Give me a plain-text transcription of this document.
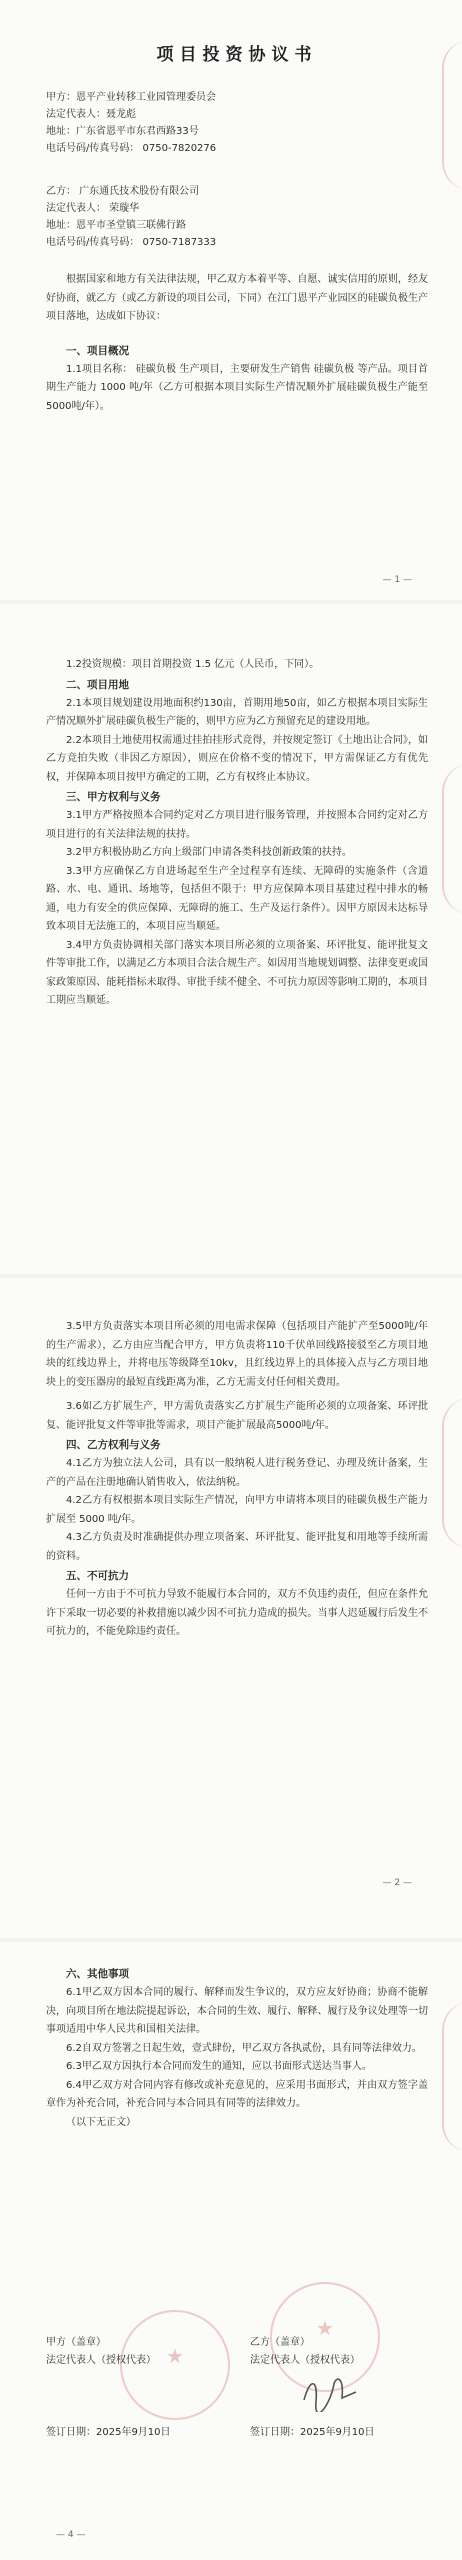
项目投资协议书
甲方：恩平产业转移工业园管理委员会
法定代表人：聂龙彪
地址：广东省恩平市东君西路33号
电话号码/传真号码： 0750-7820276
乙方： 广东通氏技术股份有限公司
法定代表人： 荣璇华
地址：恩平市圣堂镇三联佛行路
电话号码/传真号码： 0750-7187333

根据国家和地方有关法律法规，甲乙双方本着平等、自愿、诚实信用的原则，经友好协商，就乙方（或乙方新设的项目公司，下同）在江门恩平产业园区的硅碳负极生产项目落地，达成如下协议：

一、项目概况

1.1项目名称： 硅碳负极 生产项目，主要研发生产销售 硅碳负极 等产品。项目首期生产能力 1000 吨/年（乙方可根据本项目实际生产情况顺外扩展硅碳负极生产能至5000吨/年）。

— 1 —

1.2投资规模：项目首期投资 1.5 亿元（人民币，下同）。

二、项目用地

2.1本项目规划建设用地面积约130亩，首期用地50亩，如乙方根据本项目实际生产情况顺外扩展硅碳负极生产能的，则甲方应为乙方预留充足的建设用地。

2.2本项目土地使用权需通过挂拍挂形式竞得，并按规定签订《土地出让合同》，如乙方竞拍失败（非因乙方原因），则应在价格不变的情况下，甲方需保证乙方有优先权，并保障本项目按甲方确定的工期，乙方有权终止本协议。

三、甲方权利与义务

3.1甲方严格按照本合同约定对乙方项目进行服务管理，并按照本合同约定对乙方项目进行的有关法律法规的扶持。

3.2甲方积极协助乙方向上级部门申请各类科技创新政策的扶持。

3.3甲方应确保乙方自进场起至生产全过程享有连续、无障碍的实施条件（含道路、水、电、通讯、场地等，包括但不限于：甲方应保障本项目基建过程中排水的畅通，电力有安全的供应保障、无障碍的施工、生产及运行条件）。因甲方原因未达标导致本项目无法施工的，本项目应当顺延。

3.4甲方负责协调相关部门落实本项目所必须的立项备案、环评批复、能评批复文件等审批工作，以满足乙方本项目合法合规生产。如因用当地规划调整、法律变更或国家政策原因、能耗指标未取得、审批手续不健全、不可抗力原因等影响工期的，本项目工期应当顺延。

3.5甲方负责落实本项目所必须的用电需求保障（包括项目产能扩产至5000吨/年的生产需求），乙方由应当配合甲方，甲方负责将110千伏单回线路接驳至乙方项目地块的红线边界上，并将电压等级降至10kv，且红线边界上的具体接入点与乙方项目地块上的变压器房的最短直线距离为准，乙方无需支付任何相关费用。

3.6如乙方扩展生产，甲方需负责落实乙方扩展生产能所必须的立项备案、环评批复、能评批复文件等审批等需求，项目产能扩展最高5000吨/年。

四、乙方权利与义务

4.1乙方为独立法人公司，具有以一般纳税人进行税务登记、办理及统计备案，生产的产品在注册地确认销售收入，依法纳税。

4.2乙方有权根据本项目实际生产情况，向甲方申请将本项目的硅碳负极生产能力扩展至 5000 吨/年。

4.3乙方负责及时准确提供办理立项备案、环评批复、能评批复和用地等手续所需的资料。

五、不可抗力

任何一方由于不可抗力导致不能履行本合同的，双方不负违约责任，但应在条件允许下采取一切必要的补救措施以减少因不可抗力造成的损失。当事人迟延履行后发生不可抗力的，不能免除违约责任。

— 2 —

六、其他事项

6.1甲乙双方因本合同的履行、解释而发生争议的，双方应友好协商；协商不能解决，向项目所在地法院提起诉讼，本合同的生效、履行、解释、履行及争议处理等一切事项适用中华人民共和国相关法律。

6.2自双方签署之日起生效，壹式肆份，甲乙双方各执贰份，具有同等法律效力。

6.3甲乙双方因执行本合同而发生的通知，应以书面形式送达当事人。

6.4甲乙双方对合同内容有修改或补充意见的，应采用书面形式，并由双方签字盖章作为补充合同，补充合同与本合同具有同等的法律效力。

（以下无正文）

★
★
甲方（盖章）
法定代表人（授权代表）
乙方（盖章）
法定代表人（授权代表）
签订日期：2025年9月10日	签订日期：2025年9月10日
— 4 —
